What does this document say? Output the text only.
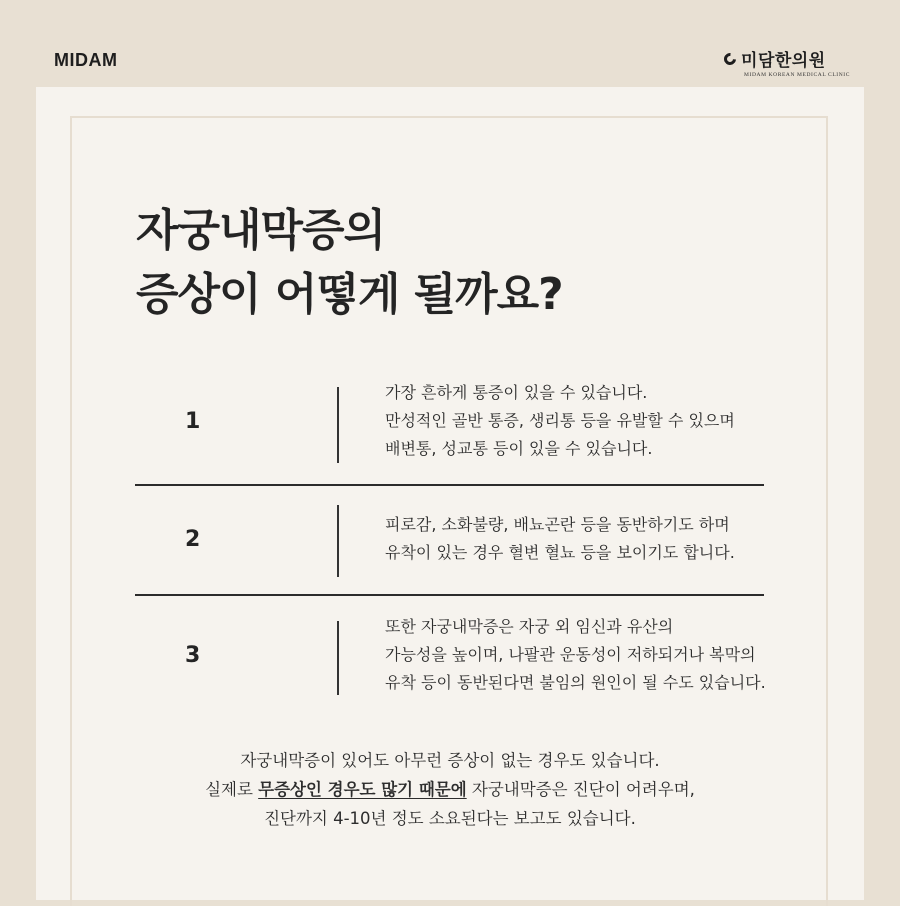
MIDAM	미담한의원
MIDAM KOREAN MEDICAL CLINIC
자궁내막증의
증상이 어떻게 될까요?
1
가장 흔하게 통증이 있을 수 있습니다.
만성적인 골반 통증, 생리통 등을 유발할 수 있으며
배변통, 성교통 등이 있을 수 있습니다.
2
피로감, 소화불량, 배뇨곤란 등을 동반하기도 하며
유착이 있는 경우 혈변 혈뇨 등을 보이기도 합니다.
3
또한 자궁내막증은 자궁 외 임신과 유산의
가능성을 높이며, 나팔관 운동성이 저하되거나 복막의
유착 등이 동반된다면 불임의 원인이 될 수도 있습니다.
자궁내막증이 있어도 아무런 증상이 없는 경우도 있습니다.
실제로 무증상인 경우도 많기 때문에 자궁내막증은 진단이 어려우며,
진단까지 4-10년 정도 소요된다는 보고도 있습니다.
